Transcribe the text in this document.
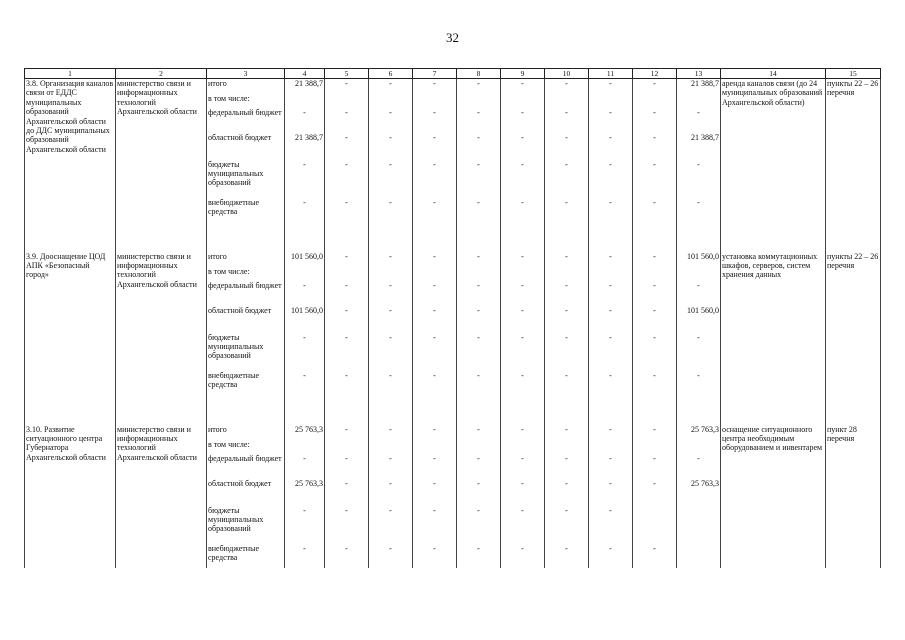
32
1	2	3	4	5	6	7	8	9	10	11	12	13	14	15
3.8. Организация каналов связи от ЕДДС муниципальных образований Архангельской области до ДДС муниципальных образований Архангельской области	министерство связи и информационных технологий Архангельской области	итого	21 388,7	-	-	-	-	-	-	-	-	21 388,7	аренда каналов связи (до 24 муниципальных образований Архангельской области)	пункты 22 – 26 перечня
		в том числе:												
		федеральный бюджет	-	-	-	-	-	-	-	-	-	-		
		областной бюджет	21 388,7	-	-	-	-	-	-	-	-	21 388,7		
		бюджеты муниципальных образований	-	-	-	-	-	-	-	-	-	-		
		внебюджетные средства	-	-	-	-	-	-	-	-	-	-		

3.9. Дооснащение ЦОД АПК «Безопасный город»	министерство связи и информационных технологий Архангельской области	итого	101 560,0	-	-	-	-	-	-	-	-	101 560,0	установка коммутационных шкафов, серверов, систем хранения данных	пункты 22 – 26 перечня
		в том числе:												
		федеральный бюджет	-	-	-	-	-	-	-	-	-	-		
		областной бюджет	101 560,0	-	-	-	-	-	-	-	-	101 560,0		
		бюджеты муниципальных образований	-	-	-	-	-	-	-	-	-	-		
		внебюджетные средства	-	-	-	-	-	-	-	-	-	-		

3.10. Развитие ситуационного центра Губернатора Архангельской области	министерство связи и информационных технологий Архангельской области	итого	25 763,3	-	-	-	-	-	-	-	-	25 763,3	оснащение ситуационного центра необходимым оборудованием и инвентарем	пункт 28 перечня
		в том числе:												
		федеральный бюджет	-	-	-	-	-	-	-	-	-	-		
		областной бюджет	25 763,3	-	-	-	-	-	-	-	-	25 763,3		
		бюджеты муниципальных образований	-	-	-	-	-	-	-	-				
		внебюджетные средства	-	-	-	-	-	-	-	-	-			
